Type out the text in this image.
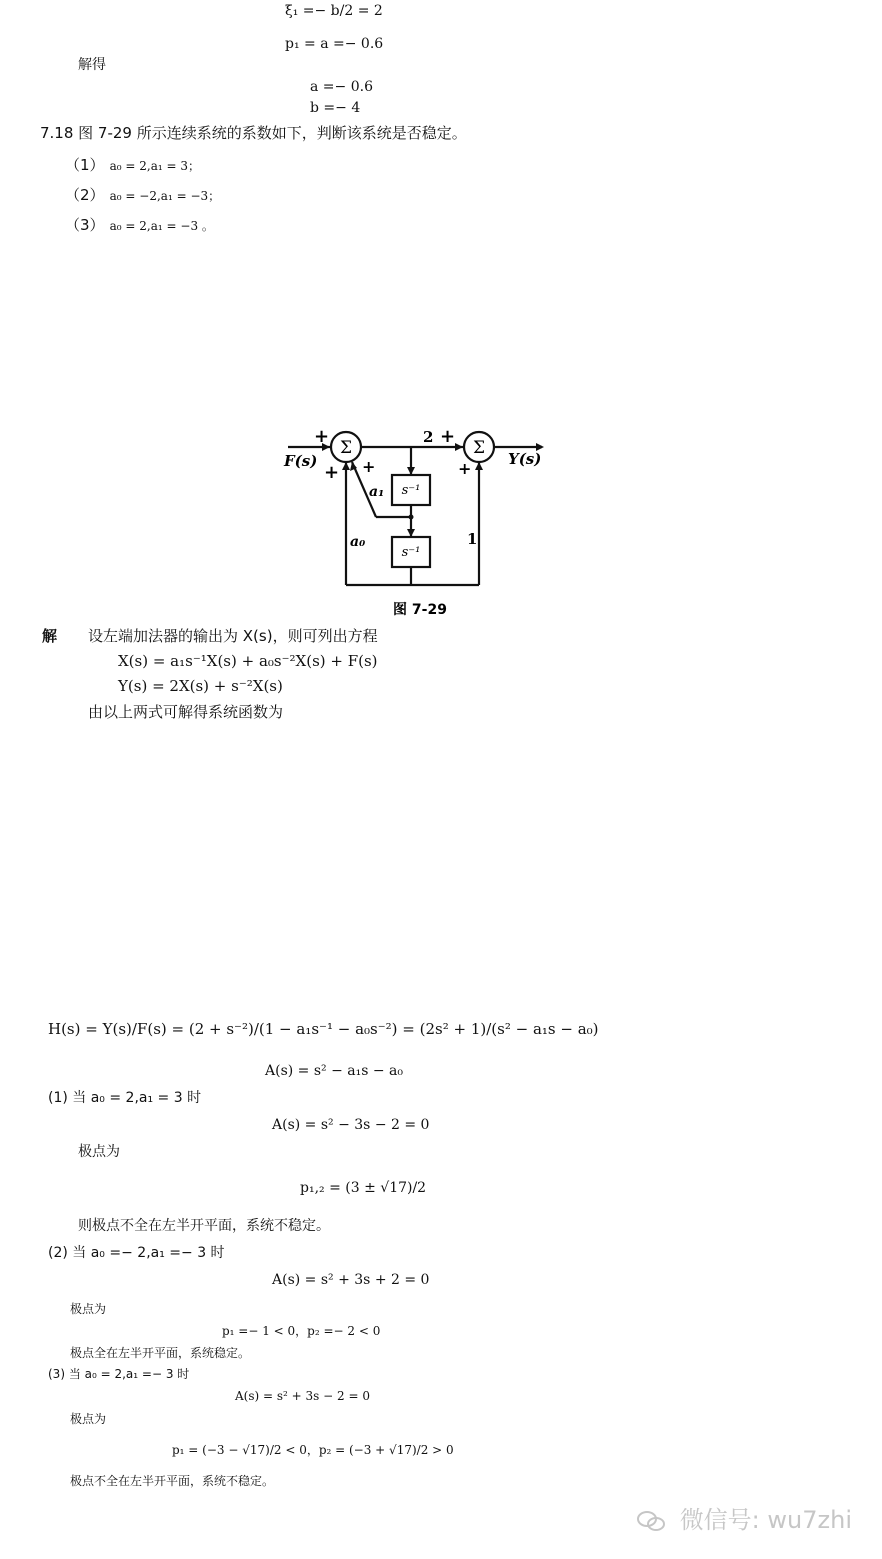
ξ₁ =− b/2 = 2
p₁ = a =− 0.6
解得
a =− 0.6
b =− 4
7.18 图 7-29 所示连续系统的系数如下，判断该系统是否稳定。
（1） a₀ = 2,a₁ = 3；
（2） a₀ = −2,a₁ = −3；
（3） a₀ = 2,a₁ = −3 。
Σ	Σ
+
+ +
+
+
F(s)	Y(s)
2
1
a₁
a₀
s⁻¹
s⁻¹
图 7-29
解 设左端加法器的输出为 X(s)，则可列出方程
X(s) = a₁s⁻¹X(s) + a₀s⁻²X(s) + F(s)
Y(s) = 2X(s) + s⁻²X(s)
由以上两式可解得系统函数为
H(s) = Y(s)/F(s) = (2 + s⁻²)/(1 − a₁s⁻¹ − a₀s⁻²) = (2s² + 1)/(s² − a₁s − a₀)
A(s) = s² − a₁s − a₀
(1) 当 a₀ = 2,a₁ = 3 时
A(s) = s² − 3s − 2 = 0
极点为
p₁,₂ = (3 ± √17)/2
则极点不全在左半开平面，系统不稳定。
(2) 当 a₀ =− 2,a₁ =− 3 时
A(s) = s² + 3s + 2 = 0
极点为
p₁ =− 1 < 0，p₂ =− 2 < 0
极点全在左半开平面，系统稳定。
(3) 当 a₀ = 2,a₁ =− 3 时
A(s) = s² + 3s − 2 = 0
极点为
p₁ = (−3 − √17)/2 < 0，p₂ = (−3 + √17)/2 > 0
极点不全在左半开平面，系统不稳定。
微信号: wu7zhi
